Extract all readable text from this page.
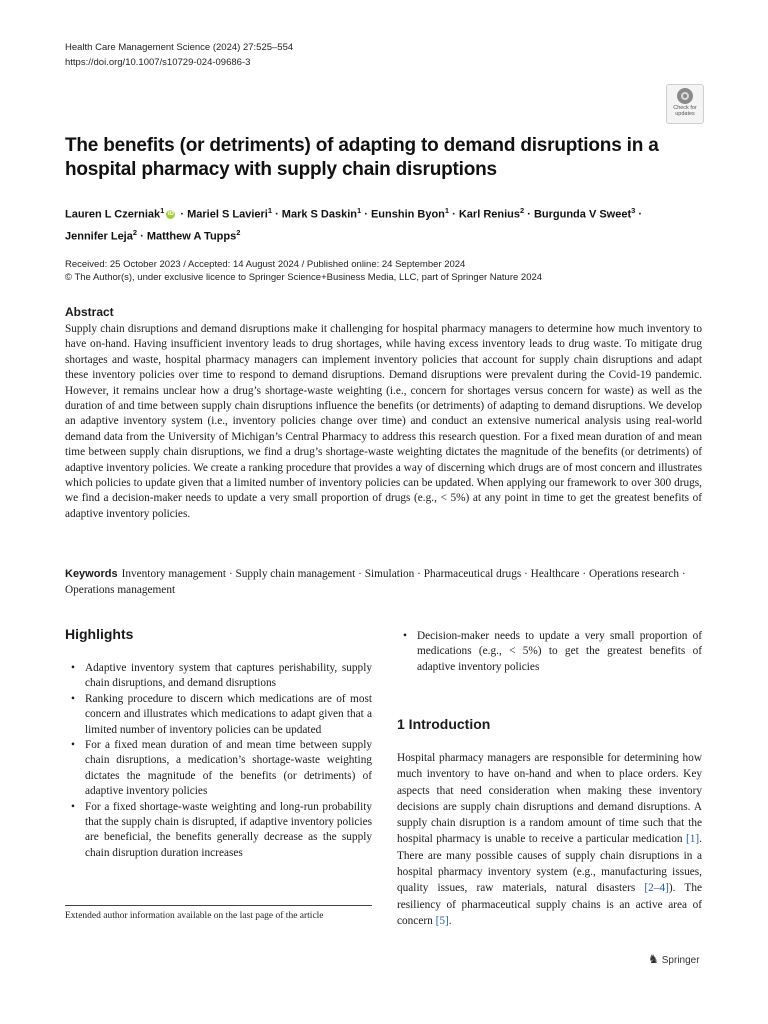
Health Care Management Science (2024) 27:525–554
https://doi.org/10.1007/s10729-024-09686-3
Check for
updates
The benefits (or detriments) of adapting to demand disruptions in a hospital pharmacy with supply chain disruptions
Lauren L Czerniak$^1$ iD · Mariel S Lavieri$^1$ · Mark S Daskin$^1$ · Eunshin Byon$^1$ · Karl Renius$^2$ · Burgunda V Sweet$^3$ ·
Jennifer Leja$^2$ · Matthew A Tupps$^2$
Received: 25 October 2023 / Accepted: 14 August 2024 / Published online: 24 September 2024
© The Author(s), under exclusive licence to Springer Science+Business Media, LLC, part of Springer Nature 2024
Abstract
Supply chain disruptions and demand disruptions make it challenging for hospital pharmacy managers to determine how much inventory to have on-hand. Having insufficient inventory leads to drug shortages, while having excess inventory leads to drug waste. To mitigate drug shortages and waste, hospital pharmacy managers can implement inventory policies that account for supply chain disruptions and adapt these inventory policies over time to respond to demand disruptions. Demand disruptions were prevalent during the Covid-19 pandemic. However, it remains unclear how a drug’s shortage-waste weighting (i.e., concern for shortages versus concern for waste) as well as the duration of and time between supply chain disruptions influence the benefits (or detriments) of adapting to demand disruptions. We develop an adaptive inventory system (i.e., inventory policies change over time) and conduct an extensive numerical analysis using real-world demand data from the University of Michigan’s Central Pharmacy to address this research question. For a fixed mean duration of and mean time between supply chain disruptions, we find a drug’s shortage-waste weighting dictates the magnitude of the benefits (or detriments) of adaptive inventory policies. We create a ranking procedure that provides a way of discerning which drugs are of most concern and illustrates which policies to update given that a limited number of inventory policies can be updated. When applying our framework to over 300 drugs, we find a decision-maker needs to update a very small proportion of drugs (e.g., < 5%) at any point in time to get the greatest benefits of adaptive inventory policies.
Keywords Inventory management · Supply chain management · Simulation · Pharmaceutical drugs · Healthcare · Operations research · Operations management
Highlights
• Adaptive inventory system that captures perishability, supply chain disruptions, and demand disruptions
• Ranking procedure to discern which medications are of most concern and illustrates which medications to adapt given that a limited number of inventory policies can be updated
• For a fixed mean duration of and mean time between supply chain disruptions, a medication’s shortage-waste weighting dictates the magnitude of the benefits (or detriments) of adaptive inventory policies
• For a fixed shortage-waste weighting and long-run probability that the supply chain is disrupted, if adaptive inventory policies are beneficial, the benefits generally decrease as the supply chain disruption duration increases
• Decision-maker needs to update a very small proportion of medications (e.g., < 5%) to get the greatest benefits of adaptive inventory policies
Extended author information available on the last page of the article
1 Introduction
Hospital pharmacy managers are responsible for determining how much inventory to have on-hand and when to place orders. Key aspects that need consideration when making these inventory decisions are supply chain disruptions and demand disruptions. A supply chain disruption is a random amount of time such that the hospital pharmacy is unable to receive a particular medication [1]. There are many possible causes of supply chain disruptions in a hospital pharmacy inventory system (e.g., manufacturing issues, quality issues, raw materials, natural disasters [2–4]). The resiliency of pharmaceutical supply chains is an active area of concern [5].
♞ Springer
